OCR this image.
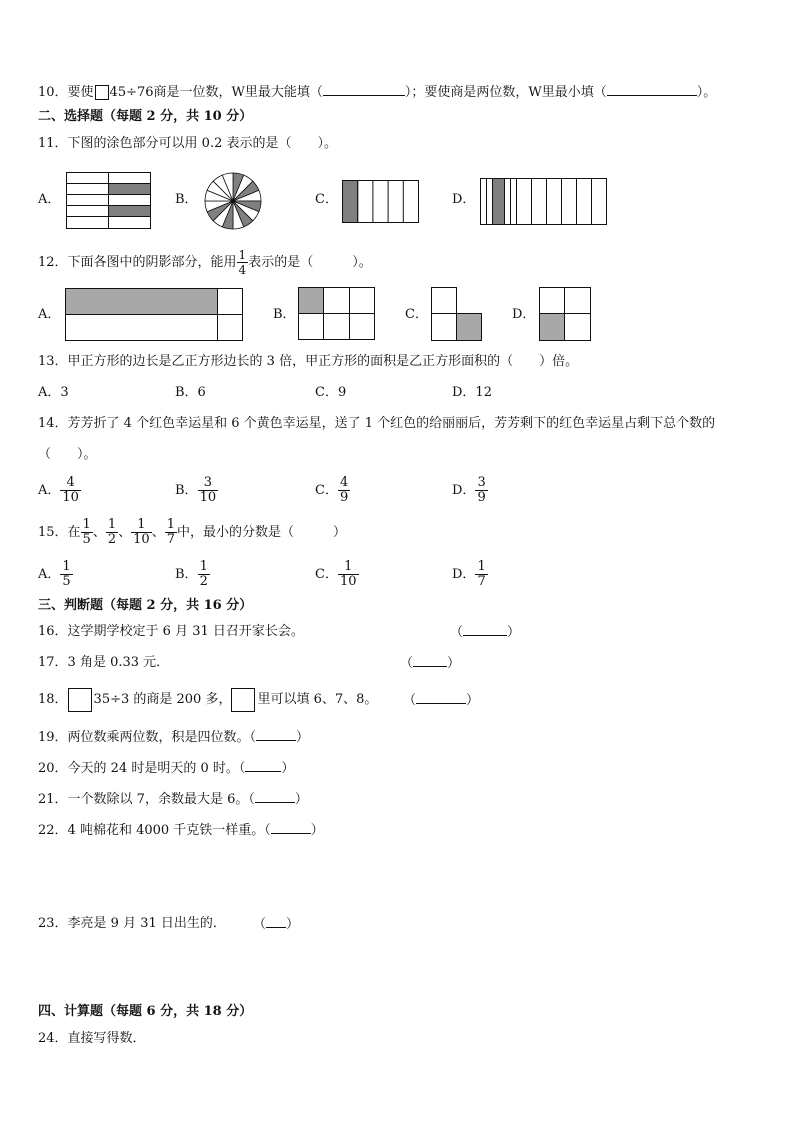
10．要使 45÷76商是一位数，W里最大能填（	）；要使商是两位数，W里最小填（	）。
二、选择题（每题 2 分，共 10 分）
11．下图的涂色部分可以用 0.2 表示的是（　　）。
A．	B．	C．	D．
12．下面各图中的阴影部分，能用 $\frac{1}{4}$ 表示的是（　　　）。
A．	B．	C．	D．
13．甲正方形的边长是乙正方形边长的 3 倍，甲正方形的面积是乙正方形面积的（　　）倍。
A．3	B．6	C．9	D．12
14．芳芳折了 4 个红色幸运星和 6 个黄色幸运星，送了 1 个红色的给丽丽后，芳芳剩下的红色幸运星占剩下总个数的
（　　）。
A． $\frac{4}{10}$	B． $\frac{3}{10}$	C． $\frac{4}{9}$	D． $\frac{3}{9}$
15．在 $\frac{1}{5}$ 、 $\frac{1}{2}$ 、 $\frac{1}{10}$ 、 $\frac{1}{7}$ 中，最小的分数是（　　　）
A． $\frac{1}{5}$	B． $\frac{1}{2}$	C． $\frac{1}{10}$	D． $\frac{1}{7}$
三、判断题（每题 2 分，共 16 分）
16．这学期学校定于 6 月 31 日召开家长会。	（	）
17．3 角是 0.33 元．	（	）
18． 35÷3 的商是 200 多， 里可以填 6、7、8。 （	）
19．两位数乘两位数，积是四位数。（	）
20．今天的 24 时是明天的 0 时。（	）
21．一个数除以 7，余数最大是 6。（	）
22．4 吨棉花和 4000 千克铁一样重。（	）
23．李亮是 9 月 31 日出生的． （ ）
四、计算题（每题 6 分，共 18 分）
24．直接写得数．
